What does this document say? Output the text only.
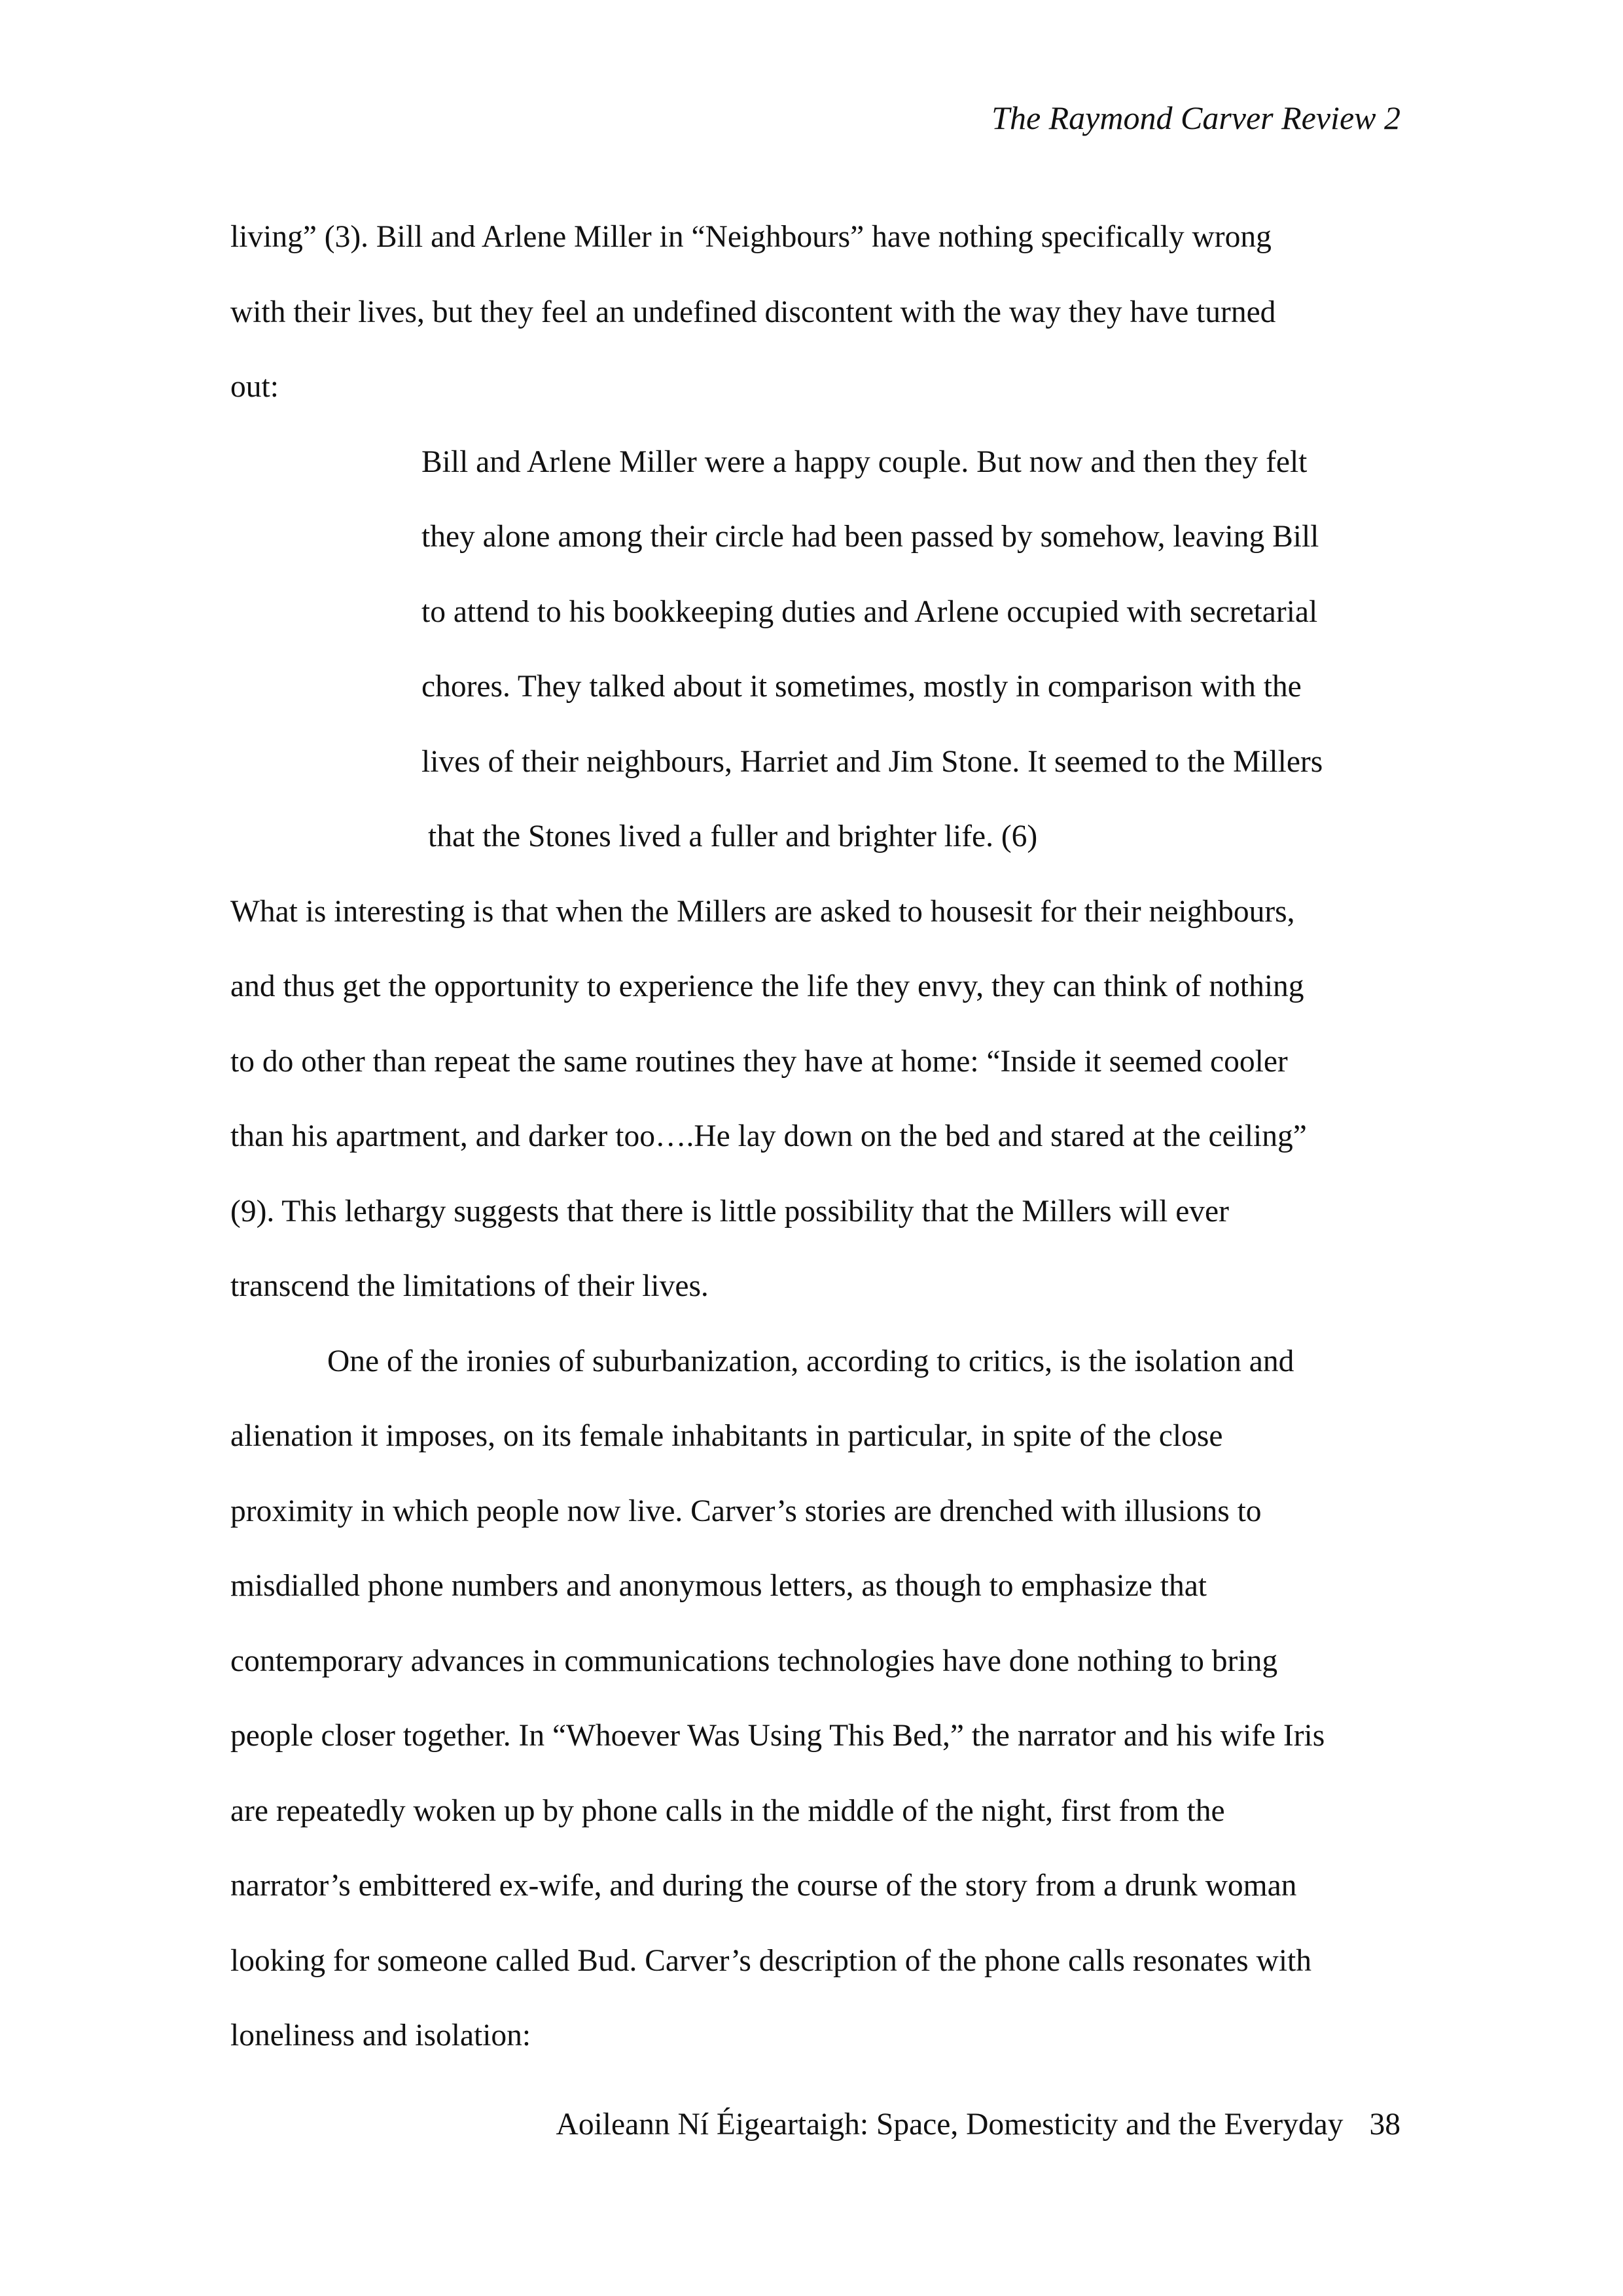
The Raymond Carver Review 2
living” (3). Bill and Arlene Miller in “Neighbours” have nothing specifically wrong
with their lives, but they feel an undefined discontent with the way they have turned
out:
Bill and Arlene Miller were a happy couple. But now and then they felt
they alone among their circle had been passed by somehow, leaving Bill
to attend to his bookkeeping duties and Arlene occupied with secretarial
chores. They talked about it sometimes, mostly in comparison with the
lives of their neighbours, Harriet and Jim Stone. It seemed to the Millers
that the Stones lived a fuller and brighter life. (6)
What is interesting is that when the Millers are asked to housesit for their neighbours,
and thus get the opportunity to experience the life they envy, they can think of nothing
to do other than repeat the same routines they have at home: “Inside it seemed cooler
than his apartment, and darker too….He lay down on the bed and stared at the ceiling”
(9). This lethargy suggests that there is little possibility that the Millers will ever
transcend the limitations of their lives.
One of the ironies of suburbanization, according to critics, is the isolation and
alienation it imposes, on its female inhabitants in particular, in spite of the close
proximity in which people now live. Carver’s stories are drenched with illusions to
misdialled phone numbers and anonymous letters, as though to emphasize that
contemporary advances in communications technologies have done nothing to bring
people closer together. In “Whoever Was Using This Bed,” the narrator and his wife Iris
are repeatedly woken up by phone calls in the middle of the night, first from the
narrator’s embittered ex-wife, and during the course of the story from a drunk woman
looking for someone called Bud. Carver’s description of the phone calls resonates with
loneliness and isolation:
Aoileann Ní Éigeartaigh: Space, Domesticity and the Everyday 38
